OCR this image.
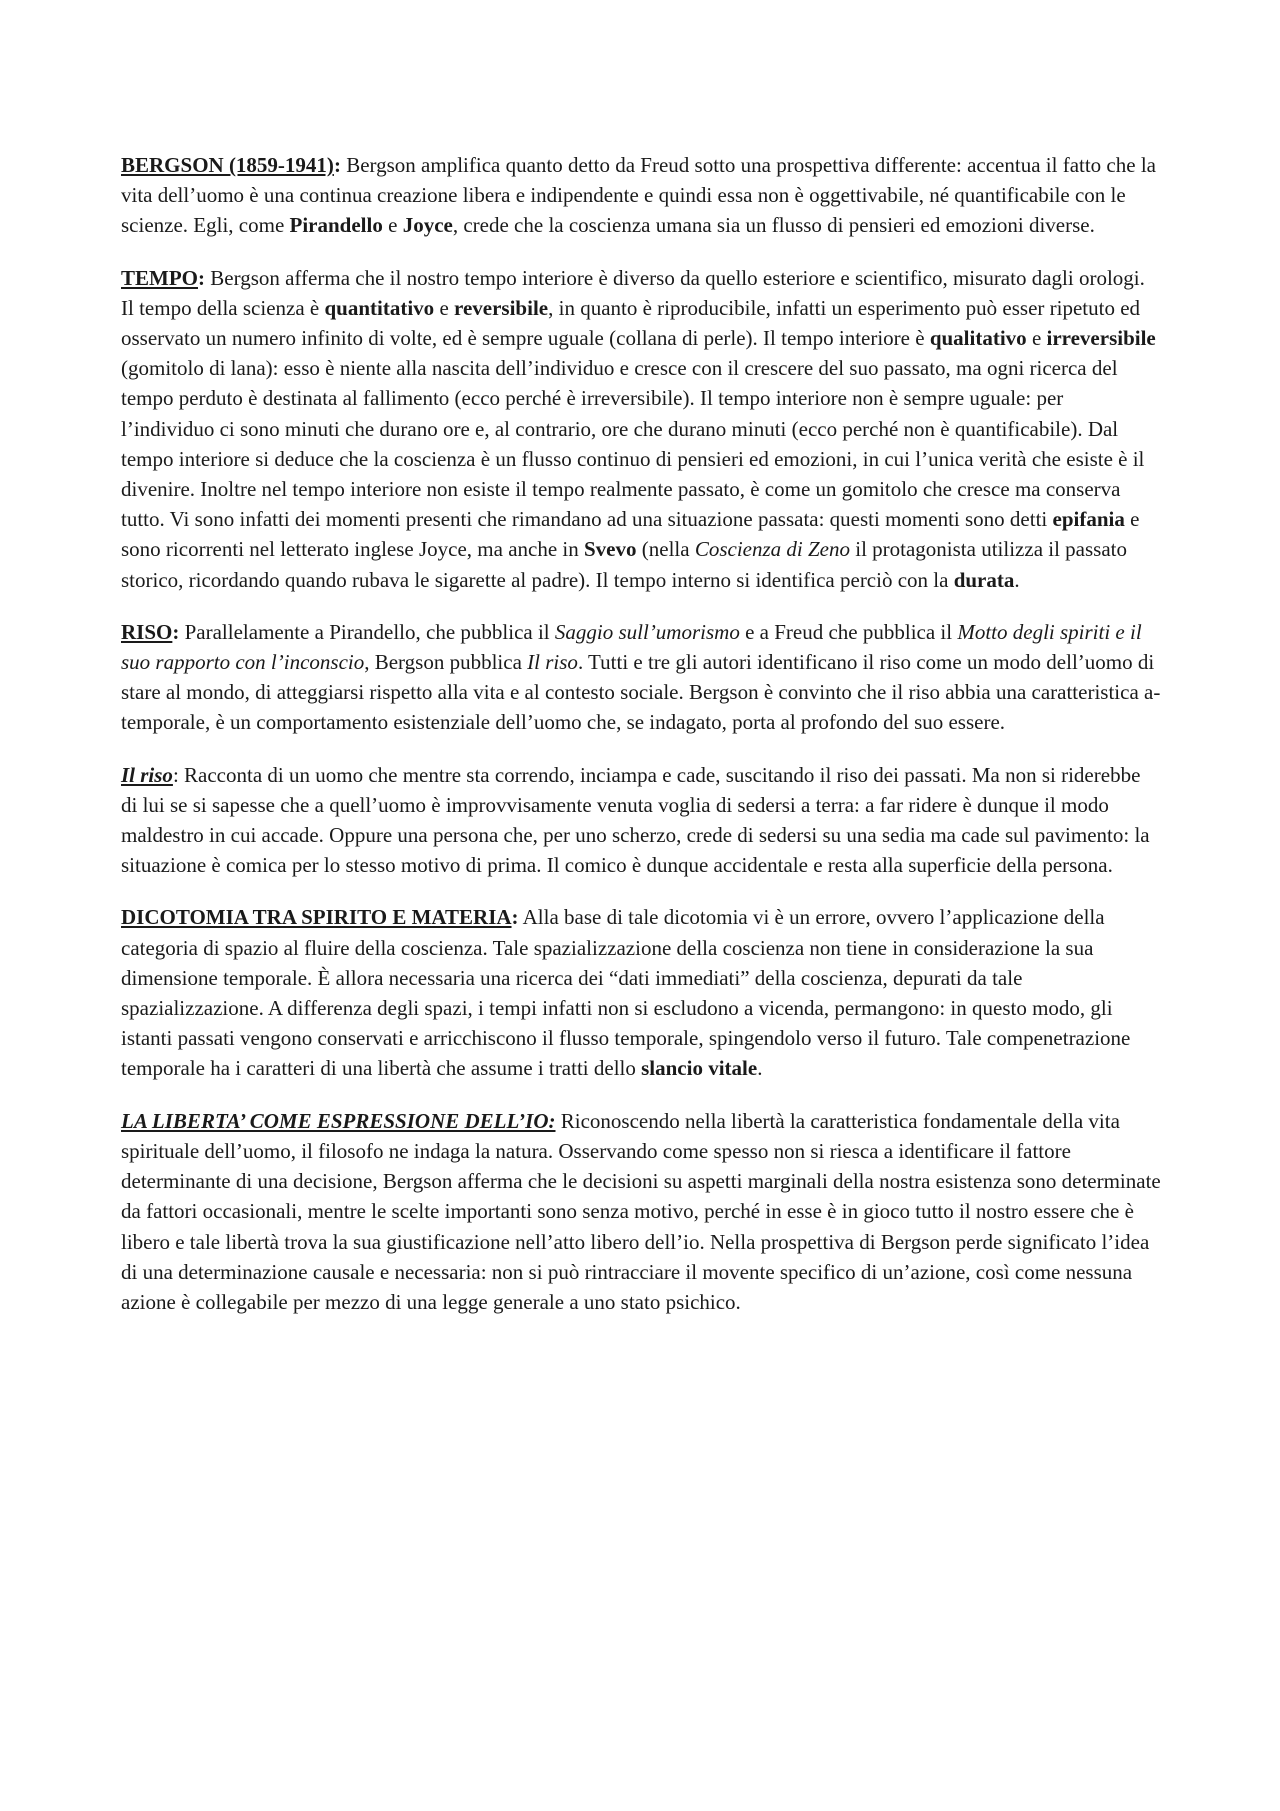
BERGSON (1859-1941): Bergson amplifica quanto detto da Freud sotto una prospettiva differente: accentua il fatto che la vita dell’uomo è una continua creazione libera e indipendente e quindi essa non è oggettivabile, né quantificabile con le scienze. Egli, come Pirandello e Joyce, crede che la coscienza umana sia un flusso di pensieri ed emozioni diverse.

TEMPO: Bergson afferma che il nostro tempo interiore è diverso da quello esteriore e scientifico, misurato dagli orologi. Il tempo della scienza è quantitativo e reversibile, in quanto è riproducibile, infatti un esperimento può esser ripetuto ed osservato un numero infinito di volte, ed è sempre uguale (collana di perle). Il tempo interiore è qualitativo e irreversibile (gomitolo di lana): esso è niente alla nascita dell’individuo e cresce con il crescere del suo passato, ma ogni ricerca del tempo perduto è destinata al fallimento (ecco perché è irreversibile). Il tempo interiore non è sempre uguale: per l’individuo ci sono minuti che durano ore e, al contrario, ore che durano minuti (ecco perché non è quantificabile). Dal tempo interiore si deduce che la coscienza è un flusso continuo di pensieri ed emozioni, in cui l’unica verità che esiste è il divenire. Inoltre nel tempo interiore non esiste il tempo realmente passato, è come un gomitolo che cresce ma conserva tutto. Vi sono infatti dei momenti presenti che rimandano ad una situazione passata: questi momenti sono detti epifania e sono ricorrenti nel letterato inglese Joyce, ma anche in Svevo (nella Coscienza di Zeno il protagonista utilizza il passato storico, ricordando quando rubava le sigarette al padre). Il tempo interno si identifica perciò con la durata.

RISO: Parallelamente a Pirandello, che pubblica il Saggio sull’umorismo e a Freud che pubblica il Motto degli spiriti e il suo rapporto con l’inconscio, Bergson pubblica Il riso. Tutti e tre gli autori identificano il riso come un modo dell’uomo di stare al mondo, di atteggiarsi rispetto alla vita e al contesto sociale. Bergson è convinto che il riso abbia una caratteristica a-temporale, è un comportamento esistenziale dell’uomo che, se indagato, porta al profondo del suo essere.

Il riso: Racconta di un uomo che mentre sta correndo, inciampa e cade, suscitando il riso dei passati. Ma non si riderebbe di lui se si sapesse che a quell’uomo è improvvisamente venuta voglia di sedersi a terra: a far ridere è dunque il modo maldestro in cui accade. Oppure una persona che, per uno scherzo, crede di sedersi su una sedia ma cade sul pavimento: la situazione è comica per lo stesso motivo di prima. Il comico è dunque accidentale e resta alla superficie della persona.

DICOTOMIA TRA SPIRITO E MATERIA: Alla base di tale dicotomia vi è un errore, ovvero l’applicazione della categoria di spazio al fluire della coscienza. Tale spazializzazione della coscienza non tiene in considerazione la sua dimensione temporale. È allora necessaria una ricerca dei “dati immediati” della coscienza, depurati da tale spazializzazione. A differenza degli spazi, i tempi infatti non si escludono a vicenda, permangono: in questo modo, gli istanti passati vengono conservati e arricchiscono il flusso temporale, spingendolo verso il futuro. Tale compenetrazione temporale ha i caratteri di una libertà che assume i tratti dello slancio vitale.

LA LIBERTA’ COME ESPRESSIONE DELL’IO: Riconoscendo nella libertà la caratteristica fondamentale della vita spirituale dell’uomo, il filosofo ne indaga la natura. Osservando come spesso non si riesca a identificare il fattore determinante di una decisione, Bergson afferma che le decisioni su aspetti marginali della nostra esistenza sono determinate da fattori occasionali, mentre le scelte importanti sono senza motivo, perché in esse è in gioco tutto il nostro essere che è libero e tale libertà trova la sua giustificazione nell’atto libero dell’io. Nella prospettiva di Bergson perde significato l’idea di una determinazione causale e necessaria: non si può rintracciare il movente specifico di un’azione, così come nessuna azione è collegabile per mezzo di una legge generale a uno stato psichico.
